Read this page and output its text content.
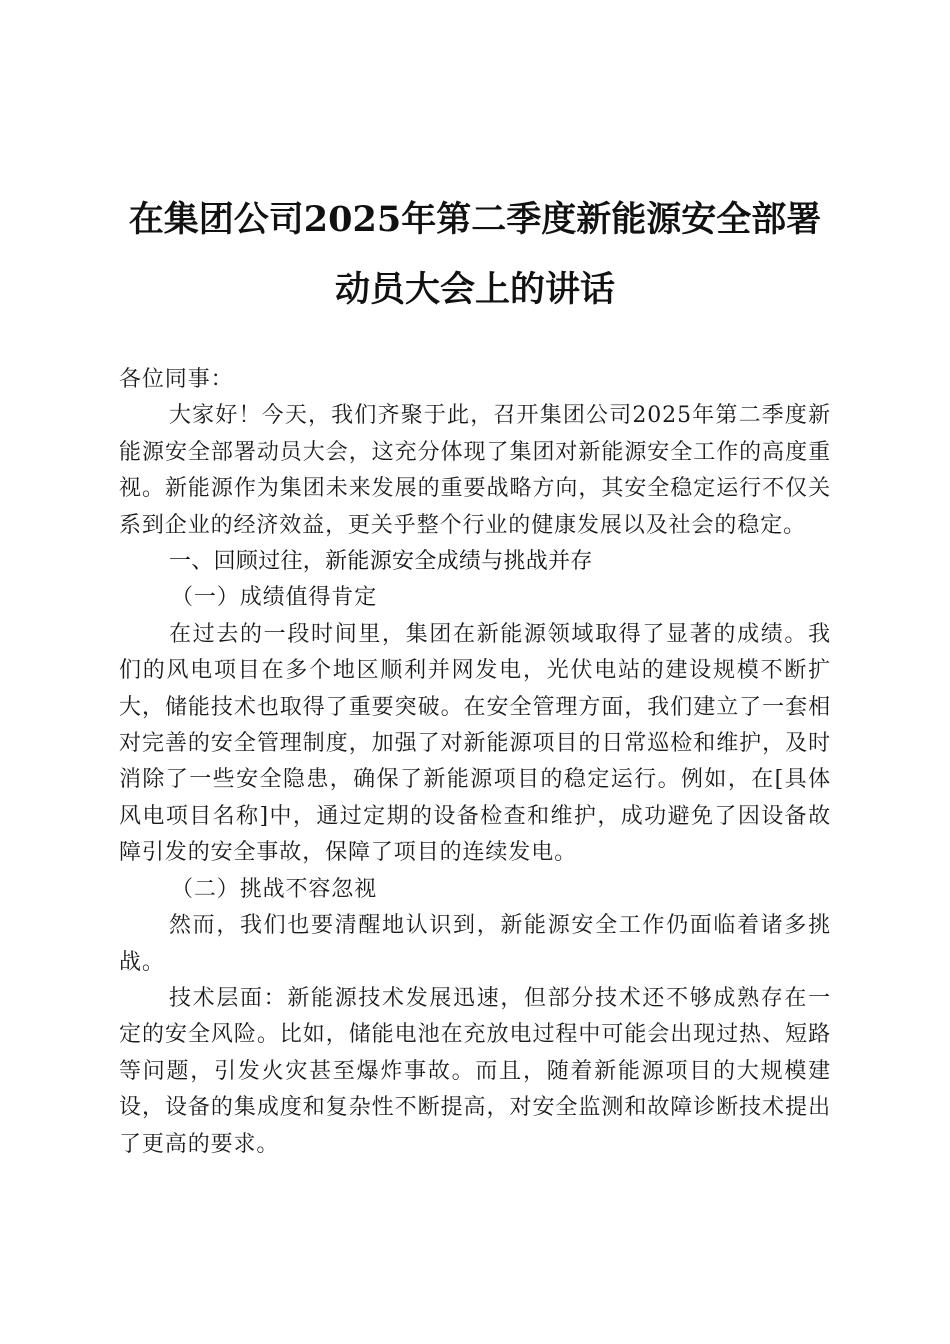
在集团公司2025年第二季度新能源安全部署
动员大会上的讲话

各位同事：

大家好！今天，我们齐聚于此，召开集团公司2025年第二季度新能源安全部署动员大会，这充分体现了集团对新能源安全工作的高度重视。新能源作为集团未来发展的重要战略方向，其安全稳定运行不仅关系到企业的经济效益，更关乎整个行业的健康发展以及社会的稳定。

一、回顾过往，新能源安全成绩与挑战并存

（一）成绩值得肯定

在过去的一段时间里，集团在新能源领域取得了显著的成绩。我们的风电项目在多个地区顺利并网发电，光伏电站的建设规模不断扩大，储能技术也取得了重要突破。在安全管理方面，我们建立了一套相对完善的安全管理制度，加强了对新能源项目的日常巡检和维护，及时消除了一些安全隐患，确保了新能源项目的稳定运行。例如，在[具体风电项目名称]中，通过定期的设备检查和维护，成功避免了因设备故障引发的安全事故，保障了项目的连续发电。

（二）挑战不容忽视

然而，我们也要清醒地认识到，新能源安全工作仍面临着诸多挑战。

技术层面：新能源技术发展迅速，但部分技术还不够成熟存在一定的安全风险。比如，储能电池在充放电过程中可能会出现过热、短路等问题，引发火灾甚至爆炸事故。而且，随着新能源项目的大规模建设，设备的集成度和复杂性不断提高，对安全监测和故障诊断技术提出了更高的要求。
